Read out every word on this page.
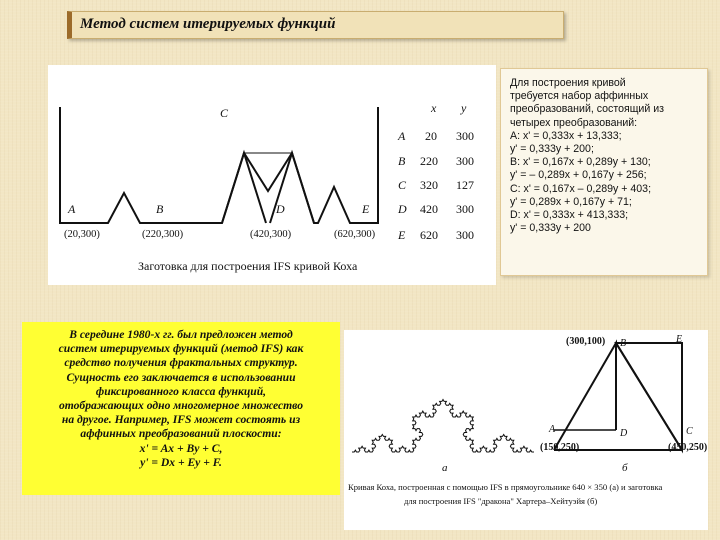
Метод систем итерируемых функций
A	B
C
D	E
(20,300)	(220,300)	(420,300)	(620,300)
Заготовка для построения IFS кривой Коха
x y
A 20 300
B 220 300
C 320 127
D 420 300
E 620 300
Для построения кривой
требуется набор аффинных
преобразований, состоящий из
четырех преобразований:
A: x' = 0,333x + 13,333;
y' = 0,333y + 200;
B: x' = 0,167x + 0,289y + 130;
y' = – 0,289x + 0,167y + 256;
C: x' = 0,167x – 0,289y + 403;
y' = 0,289x + 0,167y + 71;
D: x' = 0,333x + 413,333;
y' = 0,333y + 200
В середине 1980-х гг. был предложен метод
систем итерируемых функций (метод IFS) как
средство получения фрактальных структур.
Сущность его заключается в использовании
фиксированного класса функций,
отображающих одно многомерное множество
на другое. Например, IFS может состоять из
аффинных преобразований плоскости:
x' = Ax + By + C,
y' = Dx + Ey + F.	а
B	E
A	D	C
(300,100)
(150,250)	(450,250)
б
Кривая Коха, построенная с помощью IFS в прямоугольнике 640 × 350 (а) и заготовка
для построения IFS "дракона" Хартера–Хейтуэйя (б)
